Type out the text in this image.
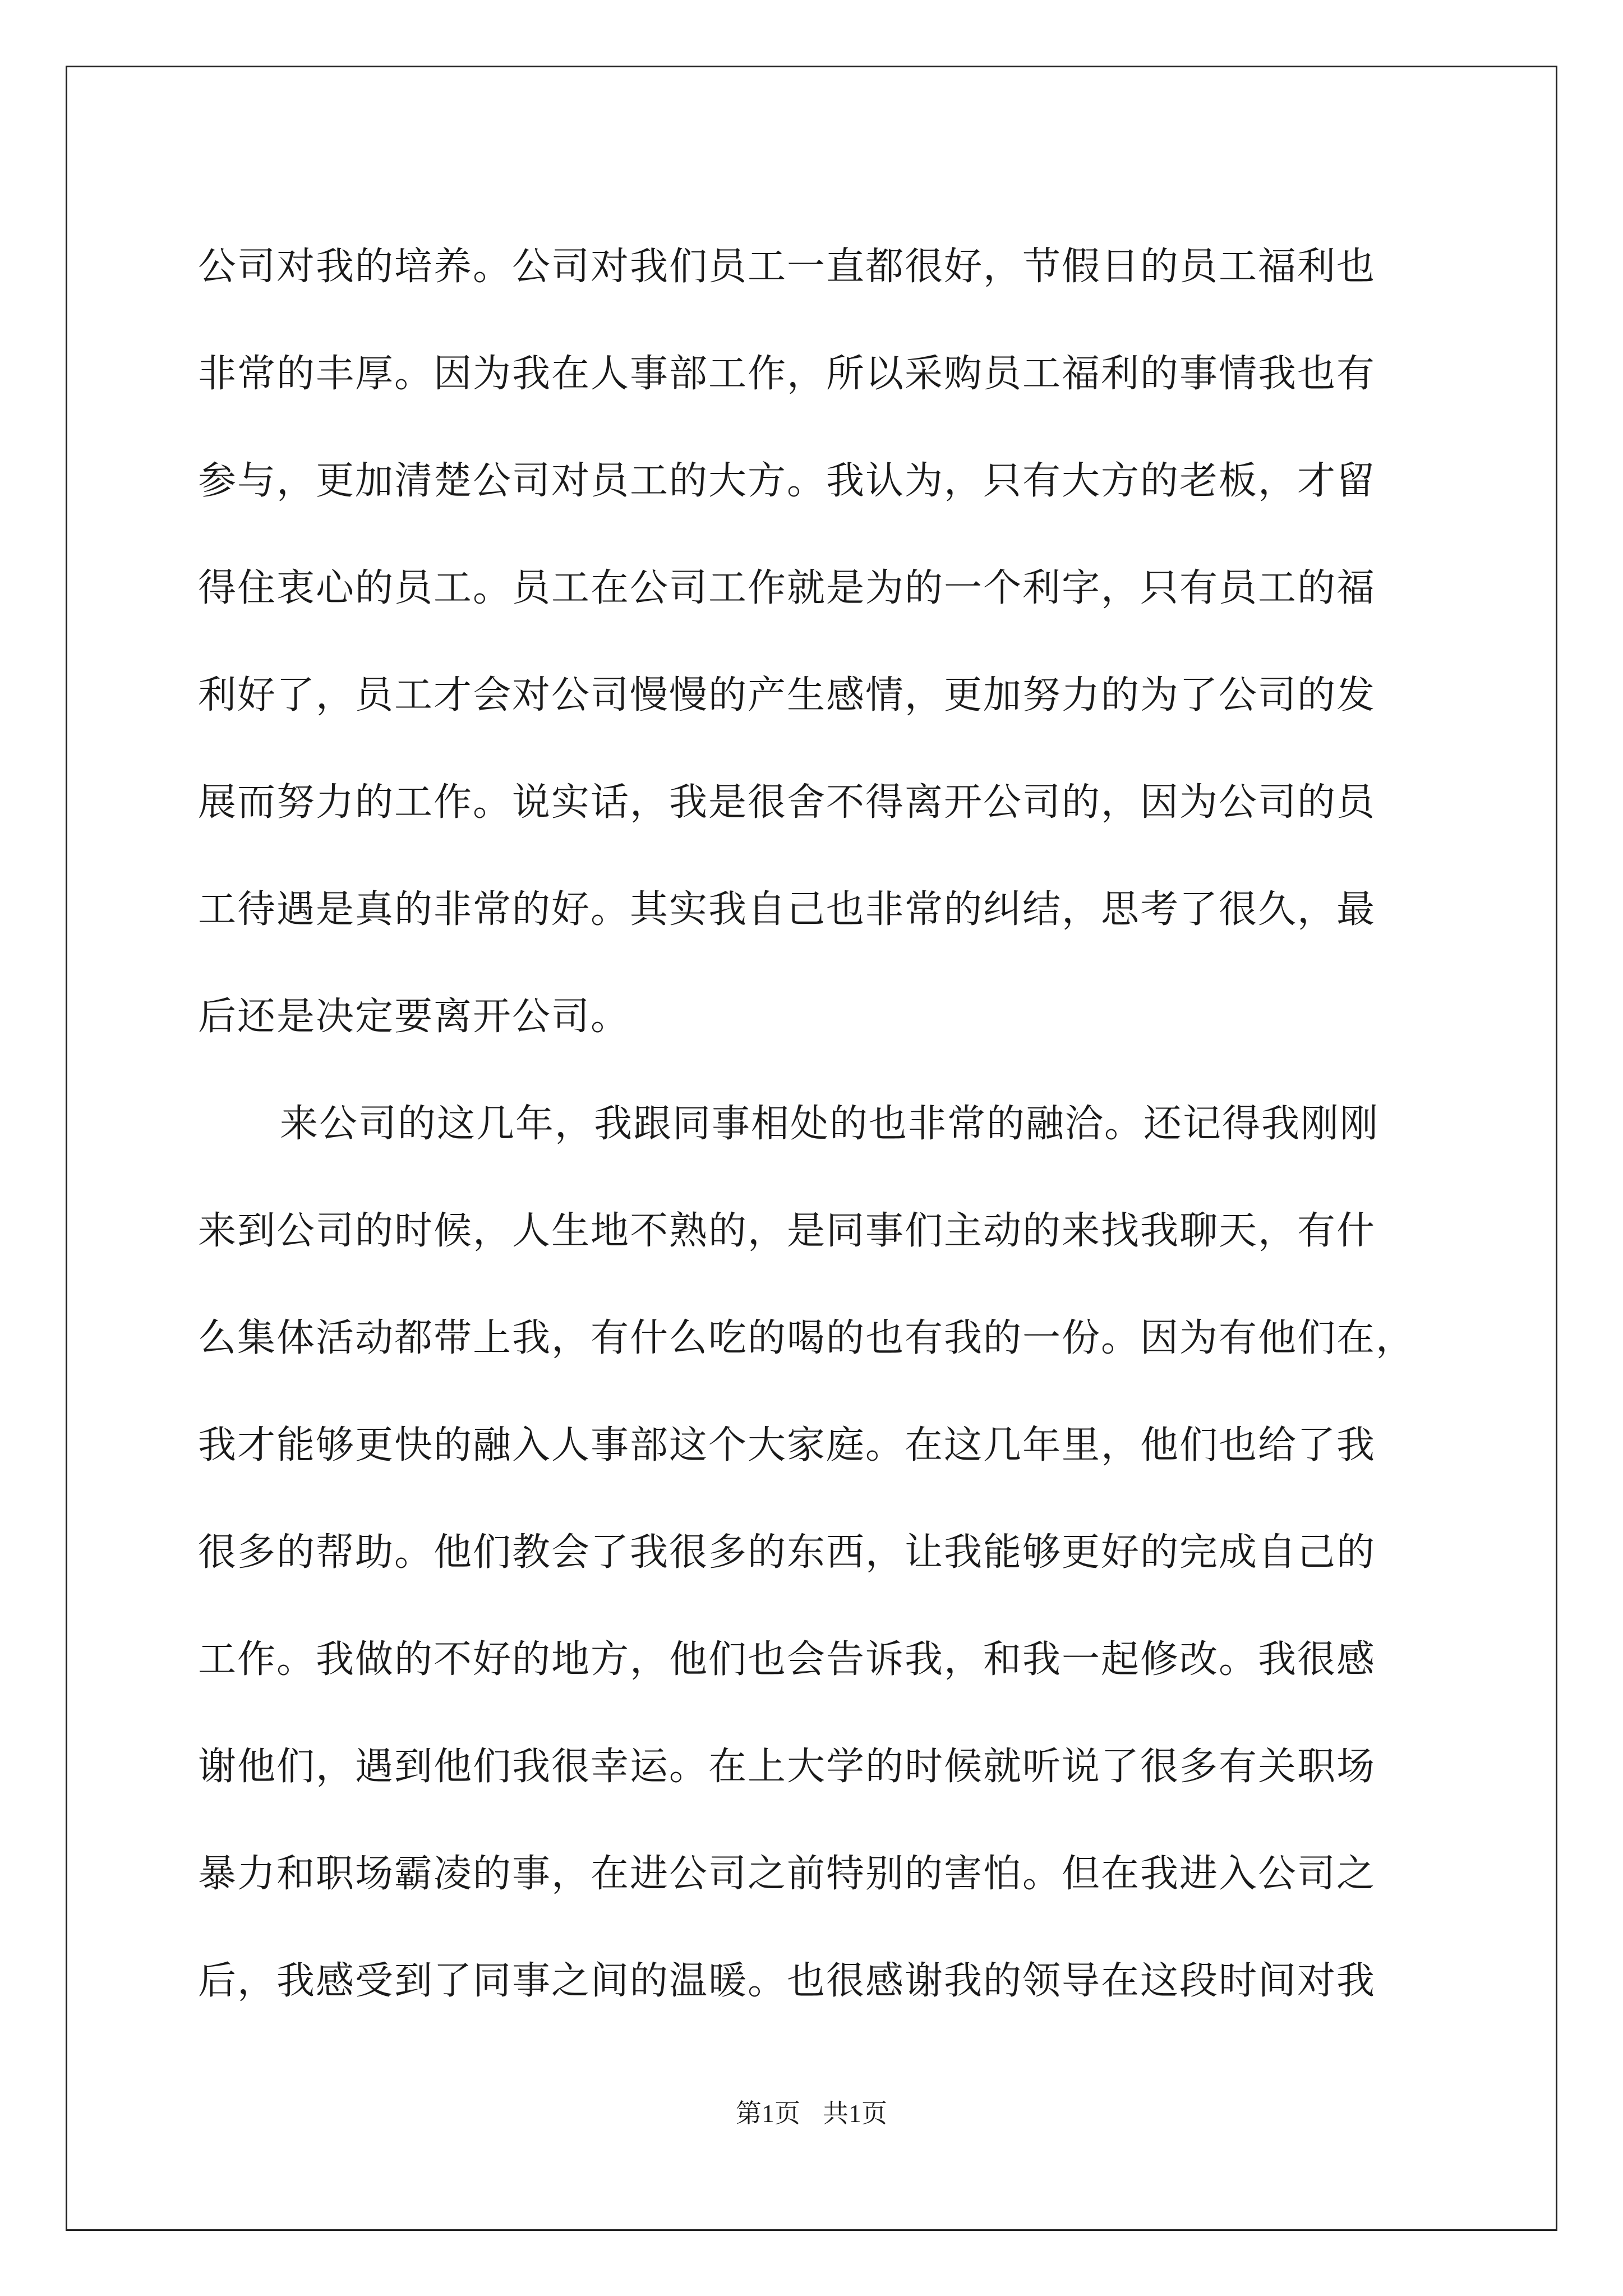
公司对我的培养。公司对我们员工一直都很好，节假日的员工福利也
非常的丰厚。因为我在人事部工作，所以采购员工福利的事情我也有
参与，更加清楚公司对员工的大方。我认为，只有大方的老板，才留
得住衷心的员工。员工在公司工作就是为的一个利字，只有员工的福
利好了，员工才会对公司慢慢的产生感情，更加努力的为了公司的发
展而努力的工作。说实话，我是很舍不得离开公司的，因为公司的员
工待遇是真的非常的好。其实我自己也非常的纠结，思考了很久，最
后还是决定要离开公司。
来公司的这几年，我跟同事相处的也非常的融洽。还记得我刚刚
来到公司的时候，人生地不熟的，是同事们主动的来找我聊天，有什
么集体活动都带上我，有什么吃的喝的也有我的一份。因为有他们在，
我才能够更快的融入人事部这个大家庭。在这几年里，他们也给了我
很多的帮助。他们教会了我很多的东西，让我能够更好的完成自己的
工作。我做的不好的地方，他们也会告诉我，和我一起修改。我很感
谢他们，遇到他们我很幸运。在上大学的时候就听说了很多有关职场
暴力和职场霸凌的事，在进公司之前特别的害怕。但在我进入公司之
后，我感受到了同事之间的温暖。也很感谢我的领导在这段时间对我
第1页 共1页
